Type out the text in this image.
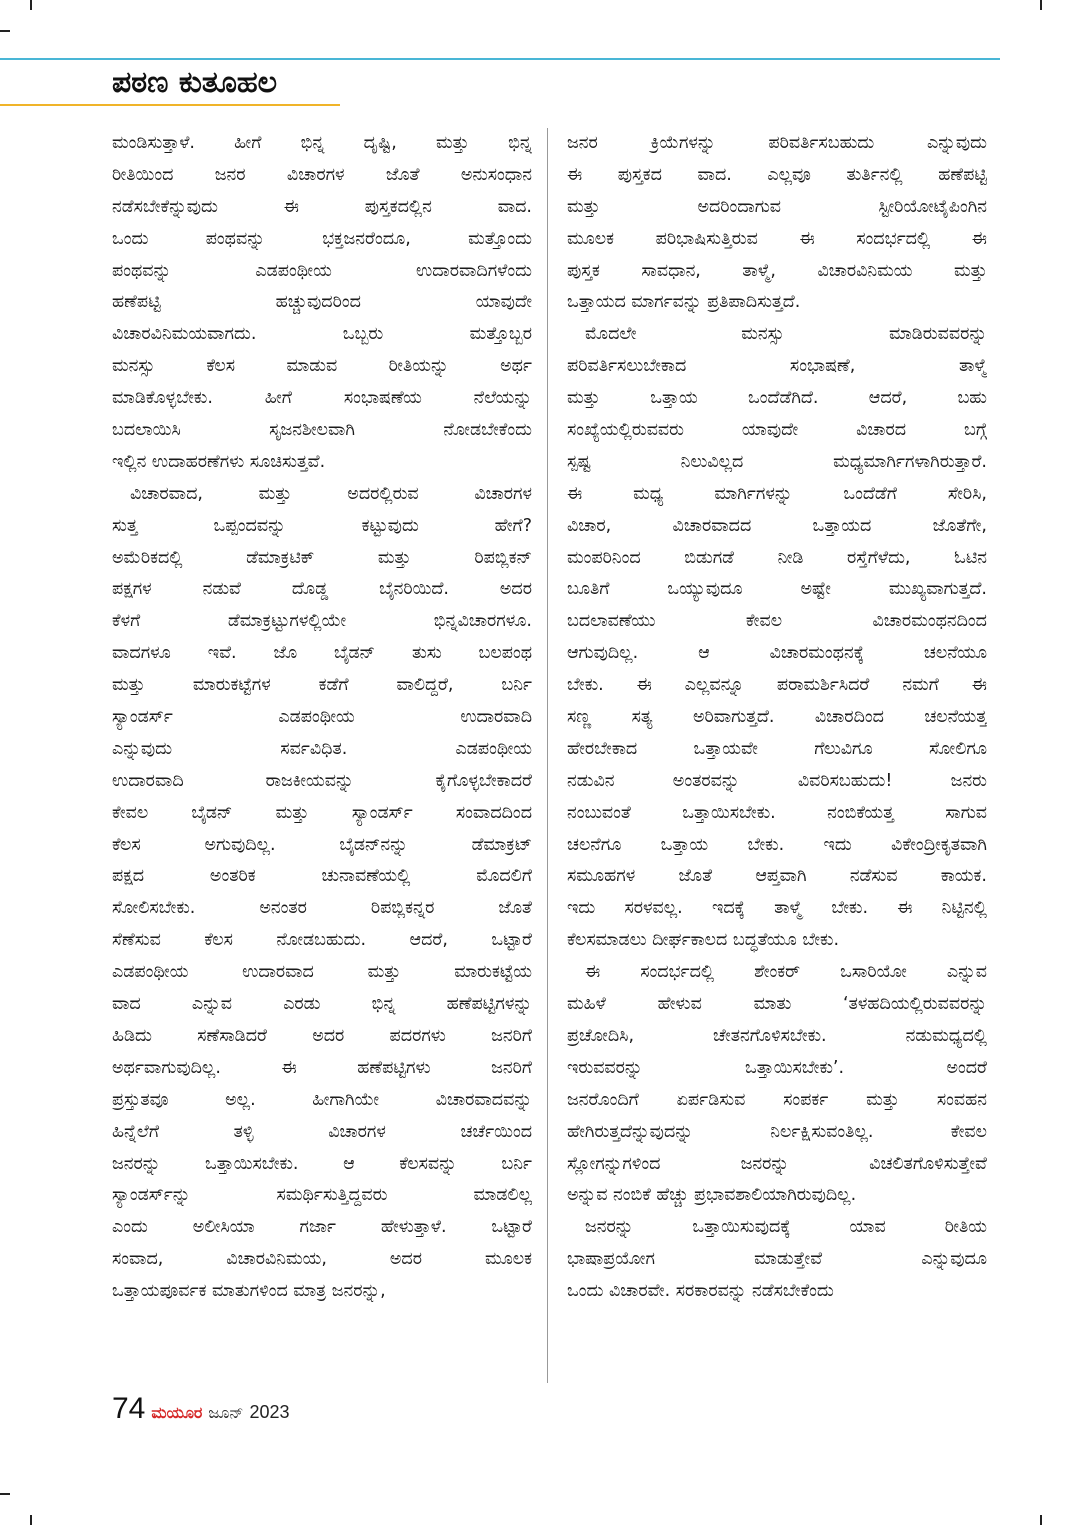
ಪಠಣ ಕುತೂಹಲ
ಮಂಡಿಸುತ್ತಾಳೆ. ಹೀಗೆ ಭಿನ್ನ ದೃಷ್ಟಿ, ಮತ್ತು ಭಿನ್ನ
ರೀತಿಯಿಂದ ಜನರ ವಿಚಾರಗಳ ಜೊತೆ ಅನುಸಂಧಾನ
ನಡೆಸಬೇಕೆನ್ನುವುದು ಈ ಪುಸ್ತಕದಲ್ಲಿನ ವಾದ.
ಒಂದು ಪಂಥವನ್ನು ಭಕ್ತಜನರೆಂದೂ, ಮತ್ತೊಂದು
ಪಂಥವನ್ನು ಎಡಪಂಥೀಯ ಉದಾರವಾದಿಗಳೆಂದು
ಹಣೆಪಟ್ಟಿ ಹಚ್ಚುವುದರಿಂದ ಯಾವುದೇ
ವಿಚಾರವಿನಿಮಯವಾಗದು. ಒಬ್ಬರು ಮತ್ತೊಬ್ಬರ
ಮನಸ್ಸು ಕೆಲಸ ಮಾಡುವ ರೀತಿಯನ್ನು ಅರ್ಥ
ಮಾಡಿಕೊಳ್ಳಬೇಕು. ಹೀಗೆ ಸಂಭಾಷಣೆಯ ನೆಲೆಯನ್ನು
ಬದಲಾಯಿಸಿ ಸೃಜನಶೀಲವಾಗಿ ನೋಡಬೇಕೆಂದು
ಇಲ್ಲಿನ ಉದಾಹರಣೆಗಳು ಸೂಚಿಸುತ್ತವೆ.
ವಿಚಾರವಾದ, ಮತ್ತು ಅದರಲ್ಲಿರುವ ವಿಚಾರಗಳ
ಸುತ್ತ ಒಪ್ಪಂದವನ್ನು ಕಟ್ಟುವುದು ಹೇಗೆ?
ಅಮೆರಿಕದಲ್ಲಿ ಡೆಮಾಕ್ರಟಿಕ್ ಮತ್ತು ರಿಪಬ್ಲಿಕನ್
ಪಕ್ಷಗಳ ನಡುವೆ ದೊಡ್ಡ ಬೈನರಿಯಿದೆ. ಅದರ
ಕೆಳಗೆ ಡೆಮಾಕ್ರಟ್ಟುಗಳಲ್ಲಿಯೇ ಭಿನ್ನವಿಚಾರಗಳೂ.
ವಾದಗಳೂ ಇವೆ. ಜೊ ಬೈಡನ್ ತುಸು ಬಲಪಂಥ
ಮತ್ತು ಮಾರುಕಟ್ಟೆಗಳ ಕಡೆಗೆ ವಾಲಿದ್ದರೆ, ಬರ್ನಿ
ಸ್ಯಾಂಡರ್ಸ್ ಎಡಪಂಥೀಯ ಉದಾರವಾದಿ
ಎನ್ನುವುದು ಸರ್ವವಿಧಿತ. ಎಡಪಂಥೀಯ
ಉದಾರವಾದಿ ರಾಜಕೀಯವನ್ನು ಕೈಗೊಳ್ಳಬೇಕಾದರೆ
ಕೇವಲ ಬೈಡನ್ ಮತ್ತು ಸ್ಯಾಂಡರ್ಸ್ ಸಂವಾದದಿಂದ
ಕೆಲಸ ಅಗುವುದಿಲ್ಲ. ಬೈಡನ್‌ನನ್ನು ಡೆಮಾಕ್ರಟ್
ಪಕ್ಷದ ಅಂತರಿಕ ಚುನಾವಣೆಯಲ್ಲಿ ಮೊದಲಿಗೆ
ಸೋಲಿಸಬೇಕು. ಅನಂತರ ರಿಪಬ್ಲಿಕನ್ನರ ಜೊತೆ
ಸೆಣೆಸುವ ಕೆಲಸ ನೋಡಬಹುದು. ಆದರೆ, ಒಟ್ಟಾರೆ
ಎಡಪಂಥೀಯ ಉದಾರವಾದ ಮತ್ತು ಮಾರುಕಟ್ಟೆಯ
ವಾದ ಎನ್ನುವ ಎರಡು ಭಿನ್ನ ಹಣೆಪಟ್ಟಿಗಳನ್ನು
ಹಿಡಿದು ಸಣೆಸಾಡಿದರೆ ಅದರ ಪದರಗಳು ಜನರಿಗೆ
ಅರ್ಥವಾಗುವುದಿಲ್ಲ. ಈ ಹಣೆಪಟ್ಟಿಗಳು ಜನರಿಗೆ
ಪ್ರಸ್ತುತವೂ ಅಲ್ಲ. ಹೀಗಾಗಿಯೇ ವಿಚಾರವಾದವನ್ನು
ಹಿನ್ನೆಲೆಗೆ ತಳ್ಳಿ ವಿಚಾರಗಳ ಚರ್ಚೆಯಿಂದ
ಜನರನ್ನು ಒತ್ತಾಯಿಸಬೇಕು. ಆ ಕೆಲಸವನ್ನು ಬರ್ನಿ
ಸ್ಯಾಂಡರ್ಸ್‌ನ್ನು ಸಮರ್ಥಿಸುತ್ತಿದ್ದವರು ಮಾಡಲಿಲ್ಲ
ಎಂದು ಅಲೀಸಿಯಾ ಗರ್ಜಾ ಹೇಳುತ್ತಾಳೆ. ಒಟ್ಟಾರೆ
ಸಂವಾದ, ವಿಚಾರವಿನಿಮಯ, ಅದರ ಮೂಲಕ
ಒತ್ತಾಯಪೂರ್ವಕ ಮಾತುಗಳಿಂದ ಮಾತ್ರ ಜನರನ್ನು,
ಜನರ ಕ್ರಿಯೆಗಳನ್ನು ಪರಿವರ್ತಿಸಬಹುದು ಎನ್ನುವುದು
ಈ ಪುಸ್ತಕದ ವಾದ. ಎಲ್ಲವೂ ತುರ್ತಿನಲ್ಲಿ ಹಣೆಪಟ್ಟಿ
ಮತ್ತು ಅದರಿಂದಾಗುವ ಸ್ಟೀರಿಯೋಟೈಪಿಂಗಿನ
ಮೂಲಕ ಪರಿಭಾಷಿಸುತ್ತಿರುವ ಈ ಸಂದರ್ಭದಲ್ಲಿ ಈ
ಪುಸ್ತಕ ಸಾವಧಾನ, ತಾಳ್ಮೆ, ವಿಚಾರವಿನಿಮಯ ಮತ್ತು
ಒತ್ತಾಯದ ಮಾರ್ಗವನ್ನು ಪ್ರತಿಪಾದಿಸುತ್ತದೆ.
ಮೊದಲೇ ಮನಸ್ಸು ಮಾಡಿರುವವರನ್ನು
ಪರಿವರ್ತಿಸಲುಬೇಕಾದ ಸಂಭಾಷಣೆ, ತಾಳ್ಮೆ
ಮತ್ತು ಒತ್ತಾಯ ಒಂದೆಡೆಗಿದೆ. ಆದರೆ, ಬಹು
ಸಂಖ್ಯೆಯಲ್ಲಿರುವವರು ಯಾವುದೇ ವಿಚಾರದ ಬಗ್ಗೆ
ಸ್ಪಷ್ಟ ನಿಲುವಿಲ್ಲದ ಮಧ್ಯಮಾರ್ಗಿಗಳಾಗಿರುತ್ತಾರೆ.
ಈ ಮಧ್ಯ ಮಾರ್ಗಿಗಳನ್ನು ಒಂದೆಡೆಗೆ ಸೇರಿಸಿ,
ವಿಚಾರ, ವಿಚಾರವಾದದ ಒತ್ತಾಯದ ಜೊತೆಗೇ,
ಮಂಪರಿನಿಂದ ಬಿಡುಗಡೆ ನೀಡಿ ರಸ್ತೆಗೆಳೆದು, ಓಟಿನ
ಬೂತಿಗೆ ಒಯ್ಯುವುದೂ ಅಷ್ಟೇ ಮುಖ್ಯವಾಗುತ್ತದೆ.
ಬದಲಾವಣೆಯು ಕೇವಲ ವಿಚಾರಮಂಥನದಿಂದ
ಆಗುವುದಿಲ್ಲ. ಆ ವಿಚಾರಮಂಥನಕ್ಕೆ ಚಲನೆಯೂ
ಬೇಕು. ಈ ಎಲ್ಲವನ್ನೂ ಪರಾಮರ್ಶಿಸಿದರೆ ನಮಗೆ ಈ
ಸಣ್ಣ ಸತ್ಯ ಅರಿವಾಗುತ್ತದೆ. ವಿಚಾರದಿಂದ ಚಲನೆಯತ್ತ
ಹೇರಬೇಕಾದ ಒತ್ತಾಯವೇ ಗೆಲುವಿಗೂ ಸೋಲಿಗೂ
ನಡುವಿನ ಅಂತರವನ್ನು ವಿವರಿಸಬಹುದು! ಜನರು
ನಂಬುವಂತೆ ಒತ್ತಾಯಿಸಬೇಕು. ನಂಬಿಕೆಯತ್ತ ಸಾಗುವ
ಚಲನೆಗೂ ಒತ್ತಾಯ ಬೇಕು. ಇದು ವಿಕೇಂದ್ರೀಕೃತವಾಗಿ
ಸಮೂಹಗಳ ಜೊತೆ ಆಪ್ತವಾಗಿ ನಡೆಸುವ ಕಾಯಕ.
ಇದು ಸರಳವಲ್ಲ. ಇದಕ್ಕೆ ತಾಳ್ಮೆ ಬೇಕು. ಈ ನಿಟ್ಟಿನಲ್ಲಿ
ಕೆಲಸಮಾಡಲು ದೀರ್ಘಕಾಲದ ಬದ್ಧತೆಯೂ ಬೇಕು.
ಈ ಸಂದರ್ಭದಲ್ಲಿ ಶೇಂಕರ್ ಒಸಾರಿಯೋ ಎನ್ನುವ
ಮಹಿಳೆ ಹೇಳುವ ಮಾತು ‘ತಳಹದಿಯಲ್ಲಿರುವವರನ್ನು
ಪ್ರಚೋದಿಸಿ, ಚೇತನಗೊಳಿಸಬೇಕು. ನಡುಮಧ್ಯದಲ್ಲಿ
ಇರುವವರನ್ನು ಒತ್ತಾಯಿಸಬೇಕು’. ಅಂದರೆ
ಜನರೊಂದಿಗೆ ಏರ್ಪಡಿಸುವ ಸಂಪರ್ಕ ಮತ್ತು ಸಂವಹನ
ಹೇಗಿರುತ್ತದೆನ್ನುವುದನ್ನು ನಿರ್ಲಕ್ಷಿಸುವಂತಿಲ್ಲ. ಕೇವಲ
ಸ್ಲೋಗನ್ನುಗಳಿಂದ ಜನರನ್ನು ವಿಚಲಿತಗೊಳಿಸುತ್ತೇವೆ
ಅನ್ನುವ ನಂಬಿಕೆ ಹೆಚ್ಚು ಪ್ರಭಾವಶಾಲಿಯಾಗಿರುವುದಿಲ್ಲ.
ಜನರನ್ನು ಒತ್ತಾಯಿಸುವುದಕ್ಕೆ ಯಾವ ರೀತಿಯ
ಭಾಷಾಪ್ರಯೋಗ ಮಾಡುತ್ತೇವೆ ಎನ್ನುವುದೂ
ಒಂದು ವಿಚಾರವೇ. ಸರಕಾರವನ್ನು ನಡೆಸಬೇಕೆಂದು
74 ಮಯೂರ ಜೂನ್ 2023
